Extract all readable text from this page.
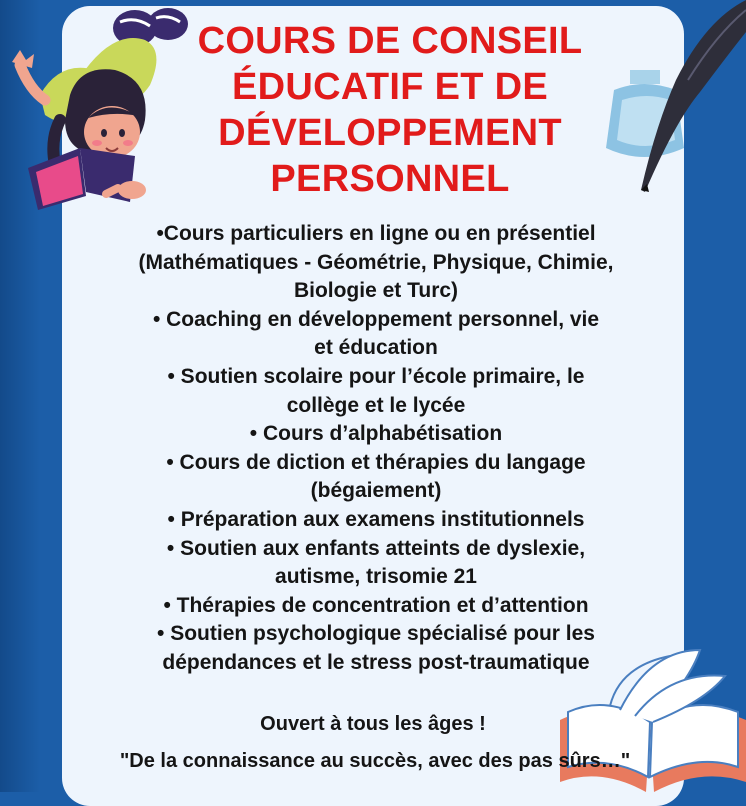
COURS DE CONSEIL
ÉDUCATIF ET DE
DÉVELOPPEMENT
PERSONNEL
•Cours particuliers en ligne ou en présentiel
(Mathématiques - Géométrie, Physique, Chimie,
Biologie et Turc)
• Coaching en développement personnel, vie
et éducation
• Soutien scolaire pour l’école primaire, le
collège et le lycée
• Cours d’alphabétisation
• Cours de diction et thérapies du langage
(bégaiement)
• Préparation aux examens institutionnels
• Soutien aux enfants atteints de dyslexie,
autisme, trisomie 21
• Thérapies de concentration et d’attention
• Soutien psychologique spécialisé pour les
dépendances et le stress post-traumatique
Ouvert à tous les âges !
"De la connaissance au succès, avec des pas sûrs…"
